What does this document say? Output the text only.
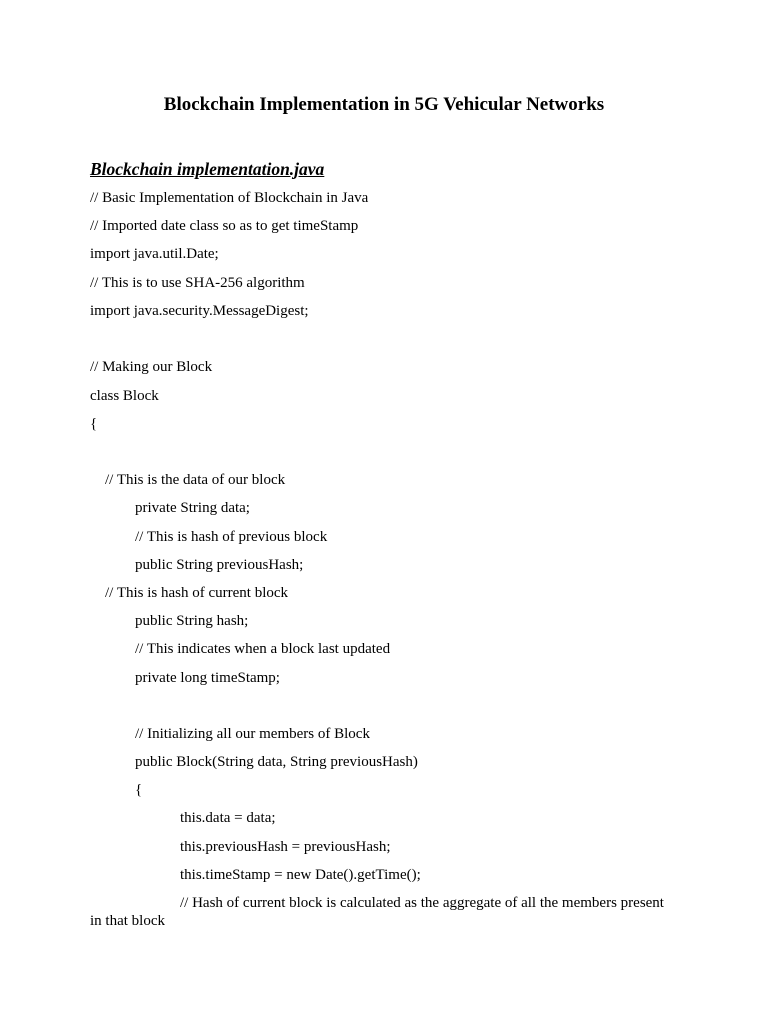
Blockchain Implementation in 5G Vehicular Networks
Blockchain implementation.java

// Basic Implementation of Blockchain in Java

// Imported date class so as to get timeStamp

import java.util.Date;

// This is to use SHA-256 algorithm

import java.security.MessageDigest;

// Making our Block

class Block

{

// This is the data of our block

private String data;

// This is hash of previous block

public String previousHash;

// This is hash of current block

public String hash;

// This indicates when a block last updated

private long timeStamp;

// Initializing all our members of Block

public Block(String data, String previousHash)

{

this.data = data;

this.previousHash = previousHash;

this.timeStamp = new Date().getTime();

// Hash of current block is calculated as the aggregate of all the members present

in that block
